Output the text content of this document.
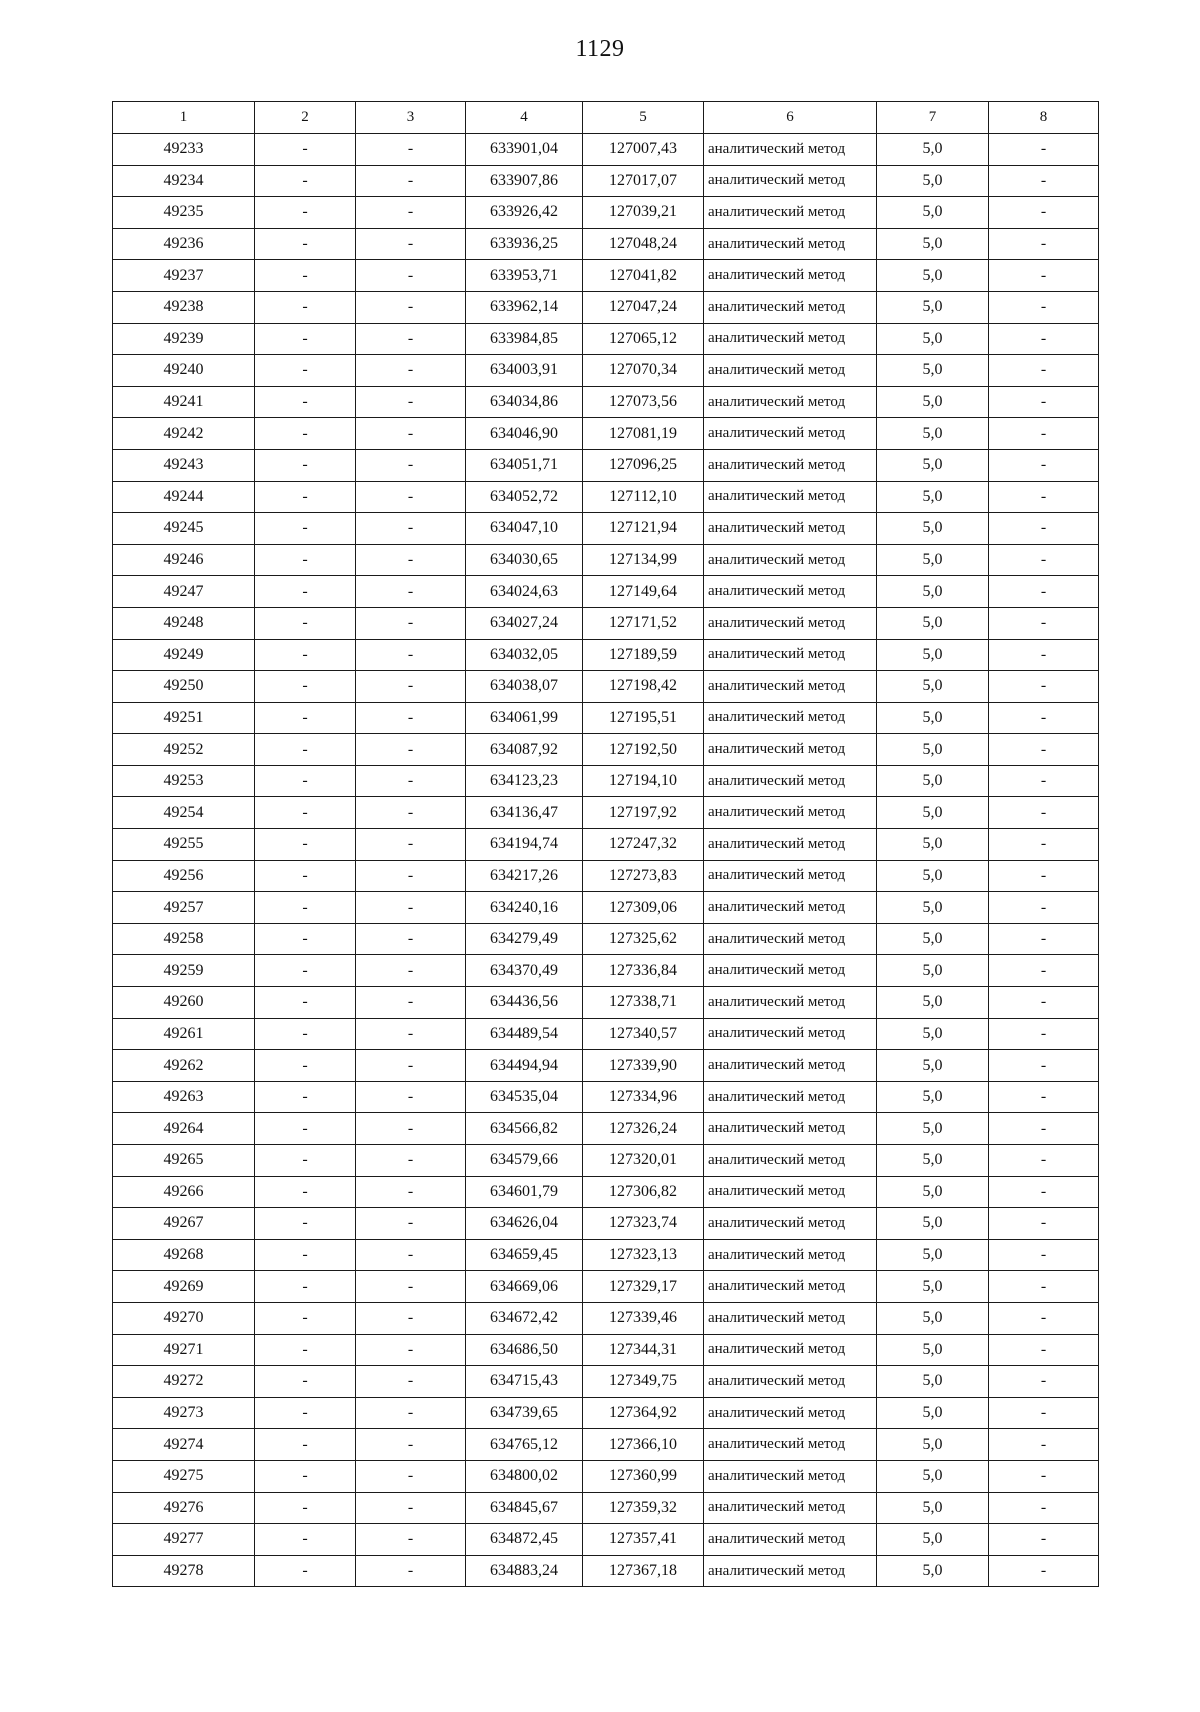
1129
1	2	3	4	5	6	7	8
49233	-	-	633901,04	127007,43	аналитический метод	5,0	-
49234	-	-	633907,86	127017,07	аналитический метод	5,0	-
49235	-	-	633926,42	127039,21	аналитический метод	5,0	-
49236	-	-	633936,25	127048,24	аналитический метод	5,0	-
49237	-	-	633953,71	127041,82	аналитический метод	5,0	-
49238	-	-	633962,14	127047,24	аналитический метод	5,0	-
49239	-	-	633984,85	127065,12	аналитический метод	5,0	-
49240	-	-	634003,91	127070,34	аналитический метод	5,0	-
49241	-	-	634034,86	127073,56	аналитический метод	5,0	-
49242	-	-	634046,90	127081,19	аналитический метод	5,0	-
49243	-	-	634051,71	127096,25	аналитический метод	5,0	-
49244	-	-	634052,72	127112,10	аналитический метод	5,0	-
49245	-	-	634047,10	127121,94	аналитический метод	5,0	-
49246	-	-	634030,65	127134,99	аналитический метод	5,0	-
49247	-	-	634024,63	127149,64	аналитический метод	5,0	-
49248	-	-	634027,24	127171,52	аналитический метод	5,0	-
49249	-	-	634032,05	127189,59	аналитический метод	5,0	-
49250	-	-	634038,07	127198,42	аналитический метод	5,0	-
49251	-	-	634061,99	127195,51	аналитический метод	5,0	-
49252	-	-	634087,92	127192,50	аналитический метод	5,0	-
49253	-	-	634123,23	127194,10	аналитический метод	5,0	-
49254	-	-	634136,47	127197,92	аналитический метод	5,0	-
49255	-	-	634194,74	127247,32	аналитический метод	5,0	-
49256	-	-	634217,26	127273,83	аналитический метод	5,0	-
49257	-	-	634240,16	127309,06	аналитический метод	5,0	-
49258	-	-	634279,49	127325,62	аналитический метод	5,0	-
49259	-	-	634370,49	127336,84	аналитический метод	5,0	-
49260	-	-	634436,56	127338,71	аналитический метод	5,0	-
49261	-	-	634489,54	127340,57	аналитический метод	5,0	-
49262	-	-	634494,94	127339,90	аналитический метод	5,0	-
49263	-	-	634535,04	127334,96	аналитический метод	5,0	-
49264	-	-	634566,82	127326,24	аналитический метод	5,0	-
49265	-	-	634579,66	127320,01	аналитический метод	5,0	-
49266	-	-	634601,79	127306,82	аналитический метод	5,0	-
49267	-	-	634626,04	127323,74	аналитический метод	5,0	-
49268	-	-	634659,45	127323,13	аналитический метод	5,0	-
49269	-	-	634669,06	127329,17	аналитический метод	5,0	-
49270	-	-	634672,42	127339,46	аналитический метод	5,0	-
49271	-	-	634686,50	127344,31	аналитический метод	5,0	-
49272	-	-	634715,43	127349,75	аналитический метод	5,0	-
49273	-	-	634739,65	127364,92	аналитический метод	5,0	-
49274	-	-	634765,12	127366,10	аналитический метод	5,0	-
49275	-	-	634800,02	127360,99	аналитический метод	5,0	-
49276	-	-	634845,67	127359,32	аналитический метод	5,0	-
49277	-	-	634872,45	127357,41	аналитический метод	5,0	-
49278	-	-	634883,24	127367,18	аналитический метод	5,0	-
